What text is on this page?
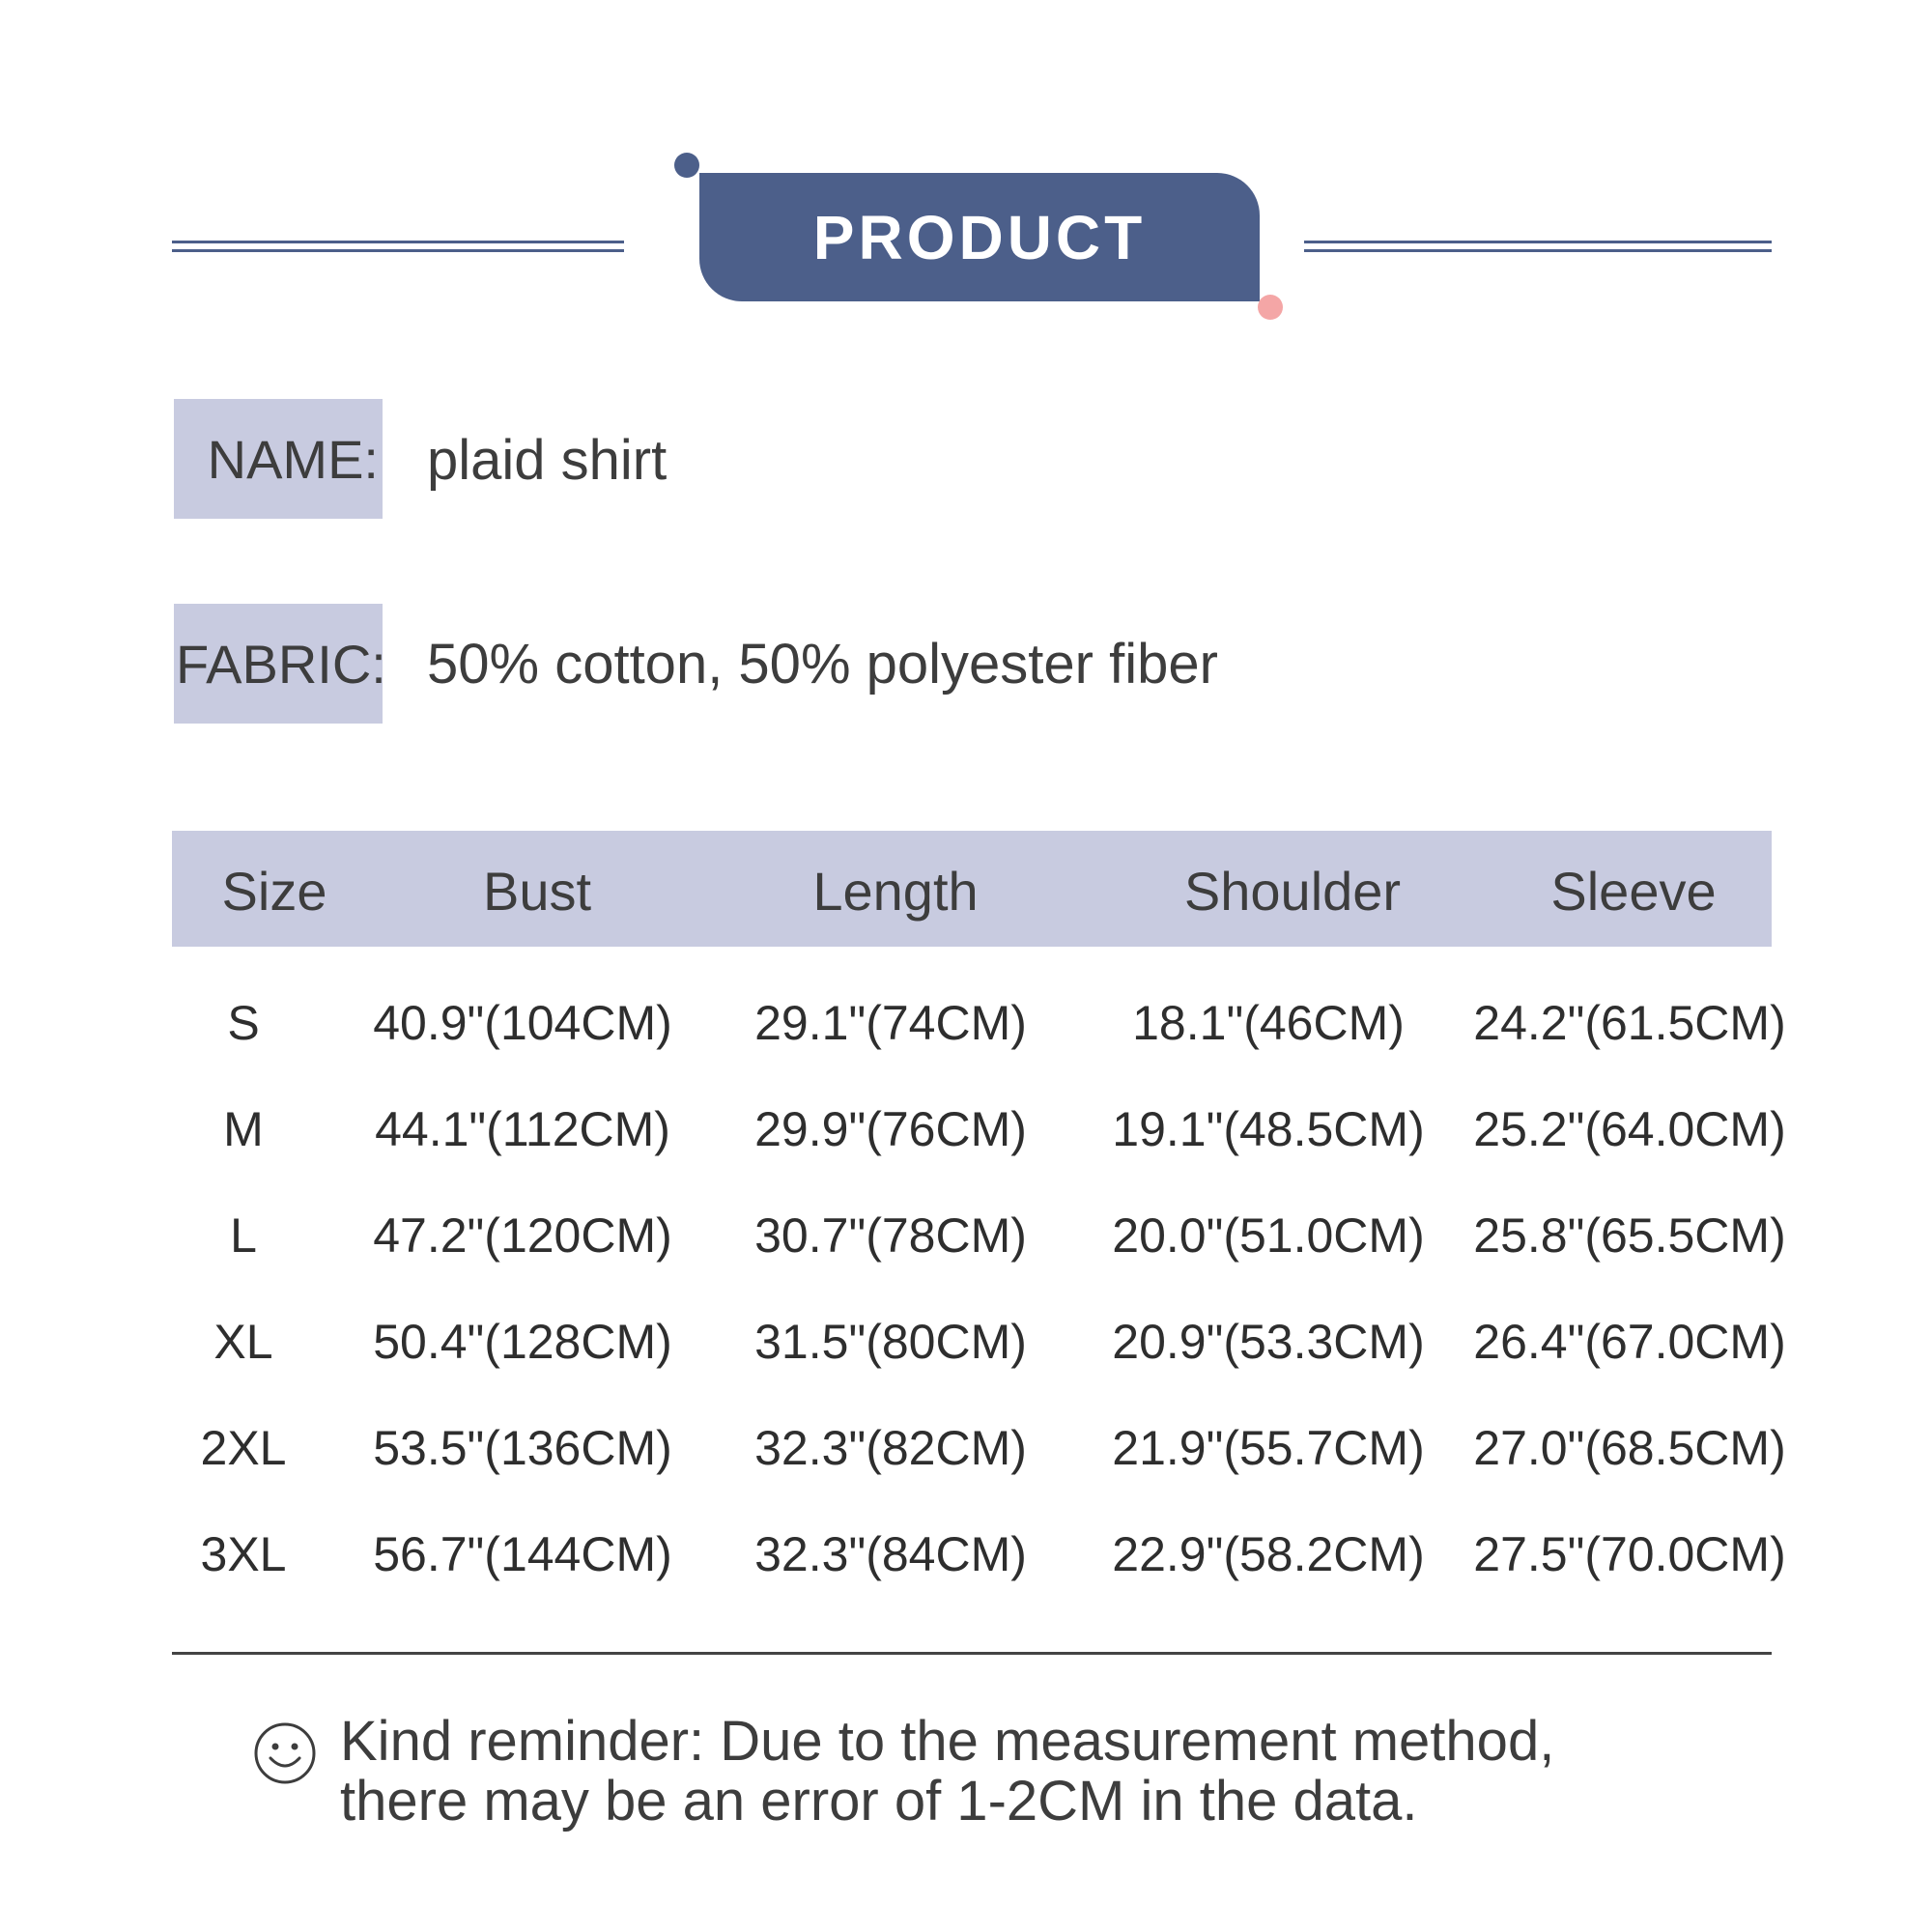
PRODUCT
NAME: plaid shirt
FABRIC: 50% cotton, 50% polyester fiber
Size	Bust	Length	Shoulder	Sleeve
S 40.9"(104CM) 29.1"(74CM) 18.1"(46CM) 24.2"(61.5CM)
M 44.1"(112CM) 29.9"(76CM) 19.1"(48.5CM) 25.2"(64.0CM)
L 47.2"(120CM) 30.7"(78CM) 20.0"(51.0CM) 25.8"(65.5CM)
XL 50.4"(128CM) 31.5"(80CM) 20.9"(53.3CM) 26.4"(67.0CM)
2XL 53.5"(136CM) 32.3"(82CM) 21.9"(55.7CM) 27.0"(68.5CM)
3XL 56.7"(144CM) 32.3"(84CM) 22.9"(58.2CM) 27.5"(70.0CM)
Kind reminder: Due to the measurement method,
there may be an error of 1-2CM in the data.
